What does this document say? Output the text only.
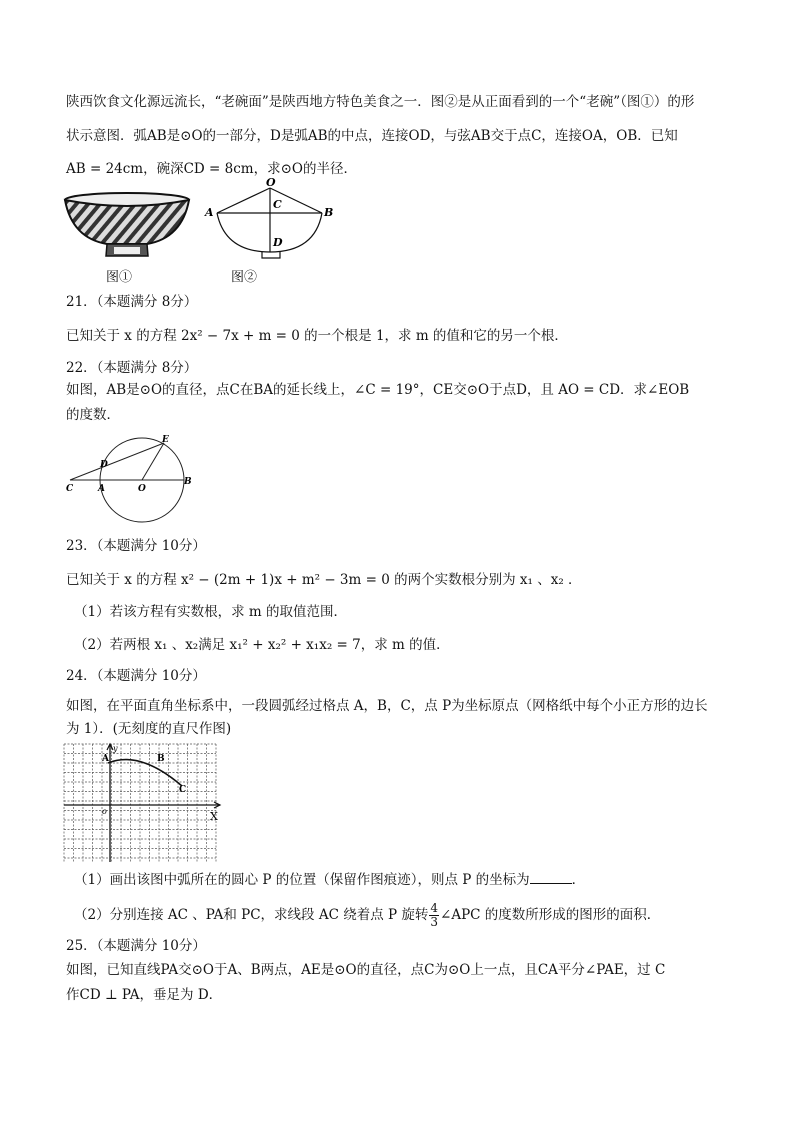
陕西饮食文化源远流长，“老碗面”是陕西地方特色美食之一．图②是从正面看到的一个“老碗”（图①）的形
状示意图．弧AB是⊙O的一部分，D是弧AB的中点，连接OD，与弦AB交于点C，连接OA，OB．已知
AB = 24cm，碗深CD = 8cm，求⊙O的半径．
图①
O
A	B
C
D
图②
21．（本题满分 8分）
已知关于 x 的方程 2x² − 7x + m = 0 的一个根是 1，求 m 的值和它的另一个根．
22．（本题满分 8分）
如图，AB是⊙O的直径，点C在BA的延长线上，∠C = 19°，CE交⊙O于点D，且 AO = CD．求∠EOB
的度数．
E
D
C	A	O
B
23．（本题满分 10分）
已知关于 x 的方程 x² − (2m + 1)x + m² − 3m = 0 的两个实数根分别为 x₁ 、x₂ ．
（1）若该方程有实数根，求 m 的取值范围．
（2）若两根 x₁ 、x₂满足 x₁² + x₂² + x₁x₂ = 7，求 m 的值．
24．（本题满分 10分）
如图，在平面直角坐标系中，一段圆弧经过格点 A，B，C，点 P为坐标原点（网格纸中每个小正方形的边长
为 1）．(无刻度的直尺作图)
y
X
o
A	B
C
（1）画出该图中弧所在的圆心 P 的位置（保留作图痕迹），则点 P 的坐标为	．
（2）分别连接 AC 、PA和 PC，求线段 AC 绕着点 P 旋转 $\frac{4}{3}$ ∠APC 的度数所形成的图形的面积．
25．（本题满分 10分）
如图，已知直线PA交⊙O于A、B两点，AE是⊙O的直径，点C为⊙O上一点，且CA平分∠PAE，过 C
作CD ⊥ PA，垂足为 D．
